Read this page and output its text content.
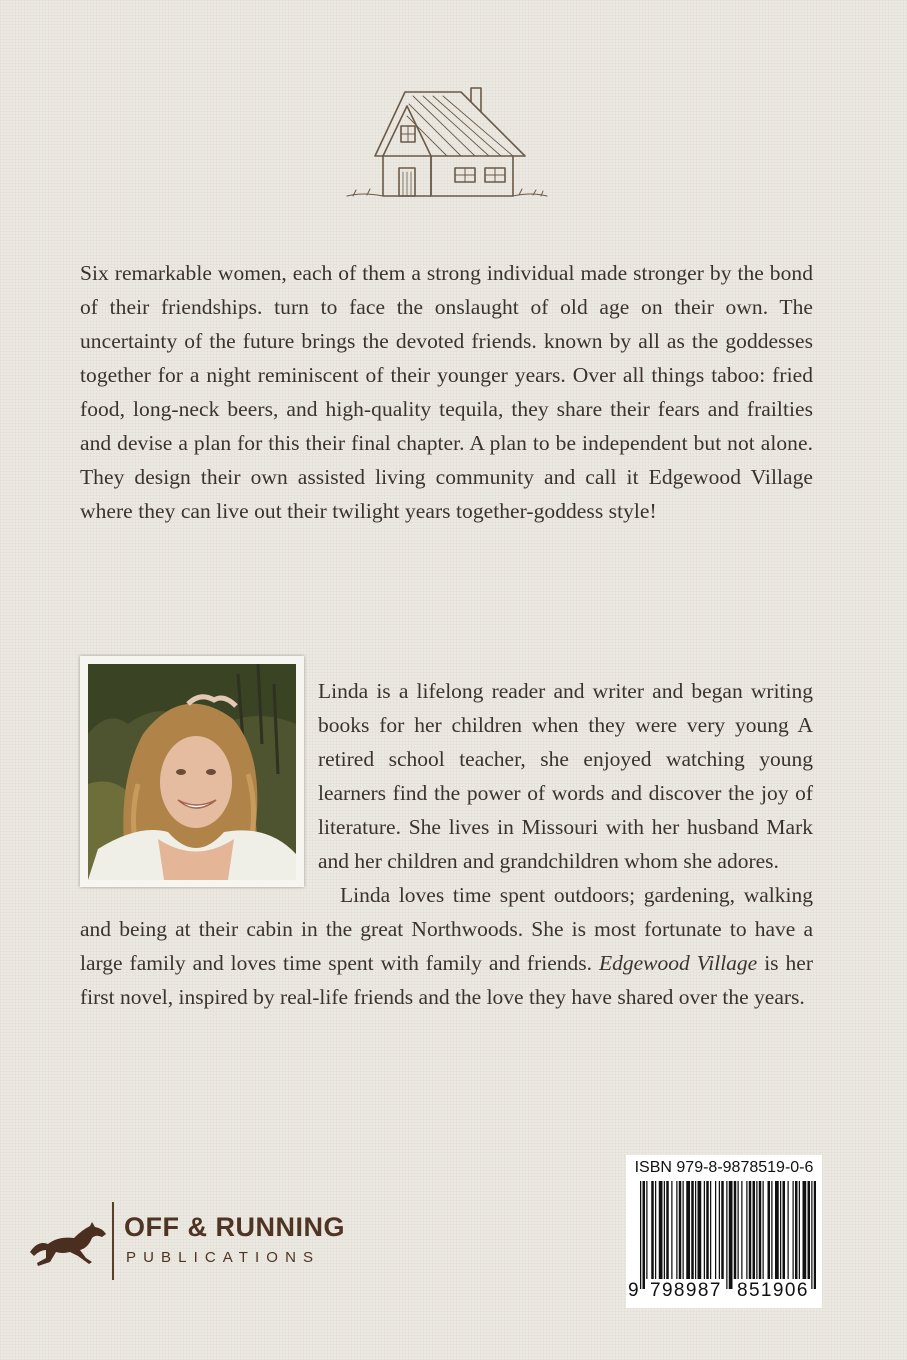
Six remarkable women, each of them a strong individual made stronger by the bond of their friendships. turn to face the onslaught of old age on their own. The uncertainty of the future brings the devoted friends. known by all as the goddesses together for a night reminiscent of their younger years. Over all things taboo: fried food, long-neck beers, and high-quality tequila, they share their fears and frailties and devise a plan for this their final chapter. A plan to be independent but not alone. They design their own assisted living community and call it Edgewood Village where they can live out their twilight years together-goddess style!

Linda is a lifelong reader and writer and began writing books for her children when they were very young A retired school teacher, she enjoyed watching young learners find the power of words and discover the joy of literature. She lives in Missouri with her husband Mark and her children and grandchildren whom she adores.

Linda loves time spent outdoors; gardening, walking and being at their cabin in the great Northwoods. She is most fortunate to have a large family and loves time spent with family and friends. Edgewood Village is her first novel, inspired by real-life friends and the love they have shared over the years.

OFF & RUNNING
PUBLICATIONS
ISBN 979-8-9878519-0-6
9 798987 851906
